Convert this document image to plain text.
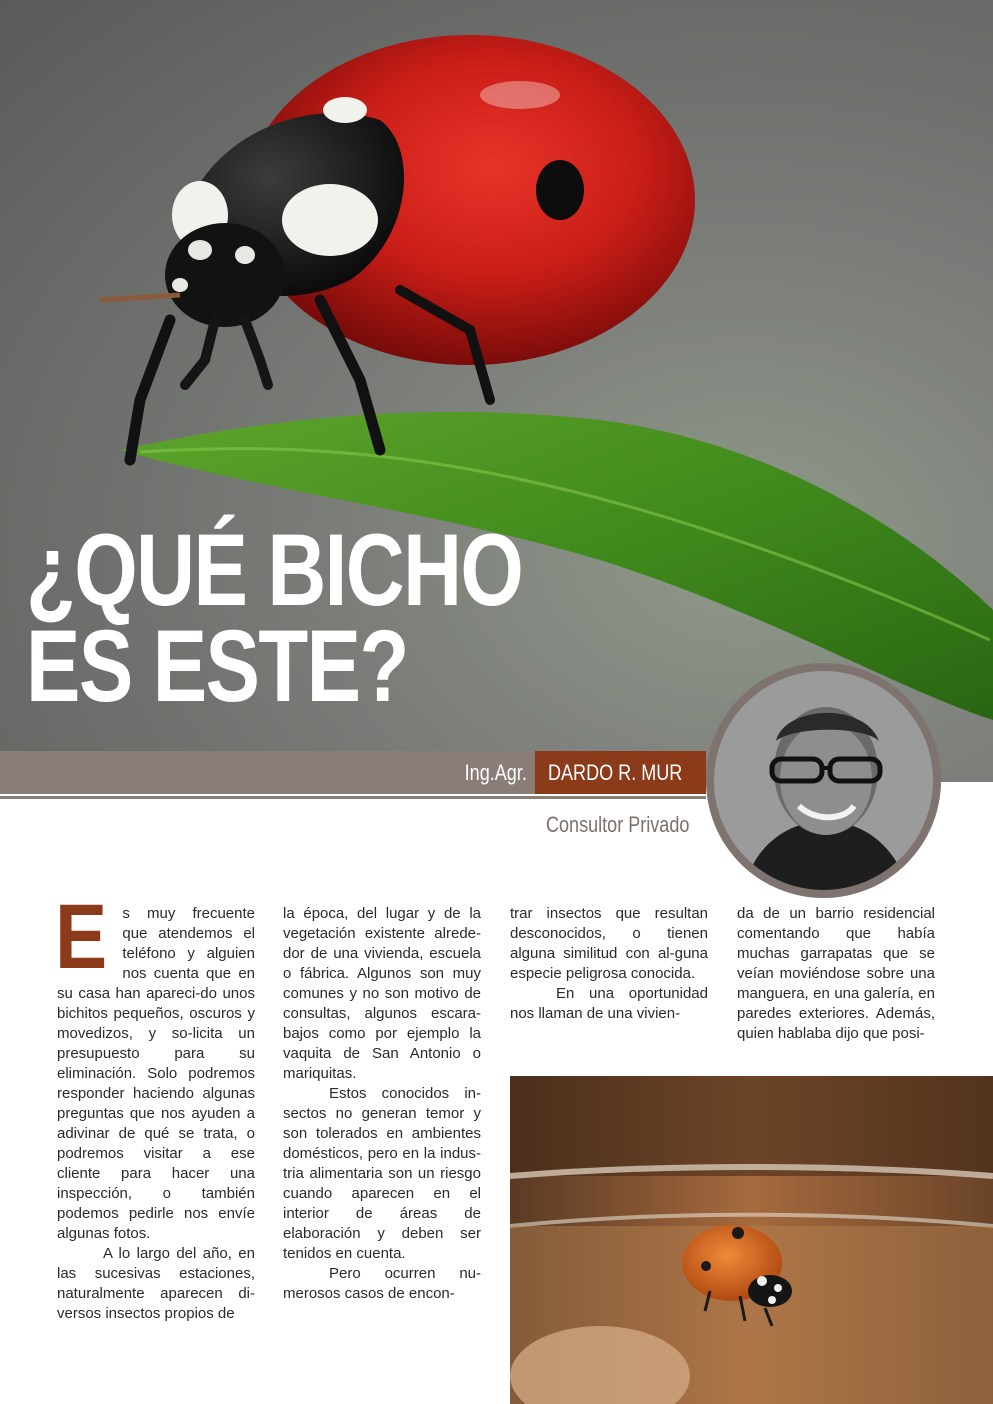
¿QUÉ BICHO
ES ESTE?
Ing.Agr. DARDO R. MUR
Consultor Privado
E	s muy frecuente que atendemos el teléfono y alguien nos cuenta que en su casa han apareci-do unos bichitos pequeños, oscuros y movedizos, y so-licita un presupuesto para su eliminación. Solo podremos responder haciendo algunas preguntas que nos ayuden a adivinar de qué se trata, o podremos visitar a ese cliente para hacer una inspección, o también podemos pedirle nos envíe algunas fotos.

A lo largo del año, en las sucesivas estaciones, naturalmente aparecen di-versos insectos propios de

la época, del lugar y de la vegetación existente alrede-dor de una vivienda, escuela o fábrica. Algunos son muy comunes y no son motivo de consultas, algunos escara-bajos como por ejemplo la vaquita de San Antonio o mariquitas.

Estos conocidos in-sectos no generan temor y son tolerados en ambientes domésticos, pero en la indus-tria alimentaria son un riesgo cuando aparecen en el interior de áreas de elaboración y deben ser tenidos en cuenta.

Pero ocurren nu-merosos casos de encon-

trar insectos que resultan desconocidos, o tienen alguna similitud con al-guna especie peligrosa conocida.

En una oportunidad nos llaman de una vivien-

da de un barrio residencial comentando que había muchas garrapatas que se veían moviéndose sobre una manguera, en una galería, en paredes exteriores. Además, quien hablaba dijo que posi-
